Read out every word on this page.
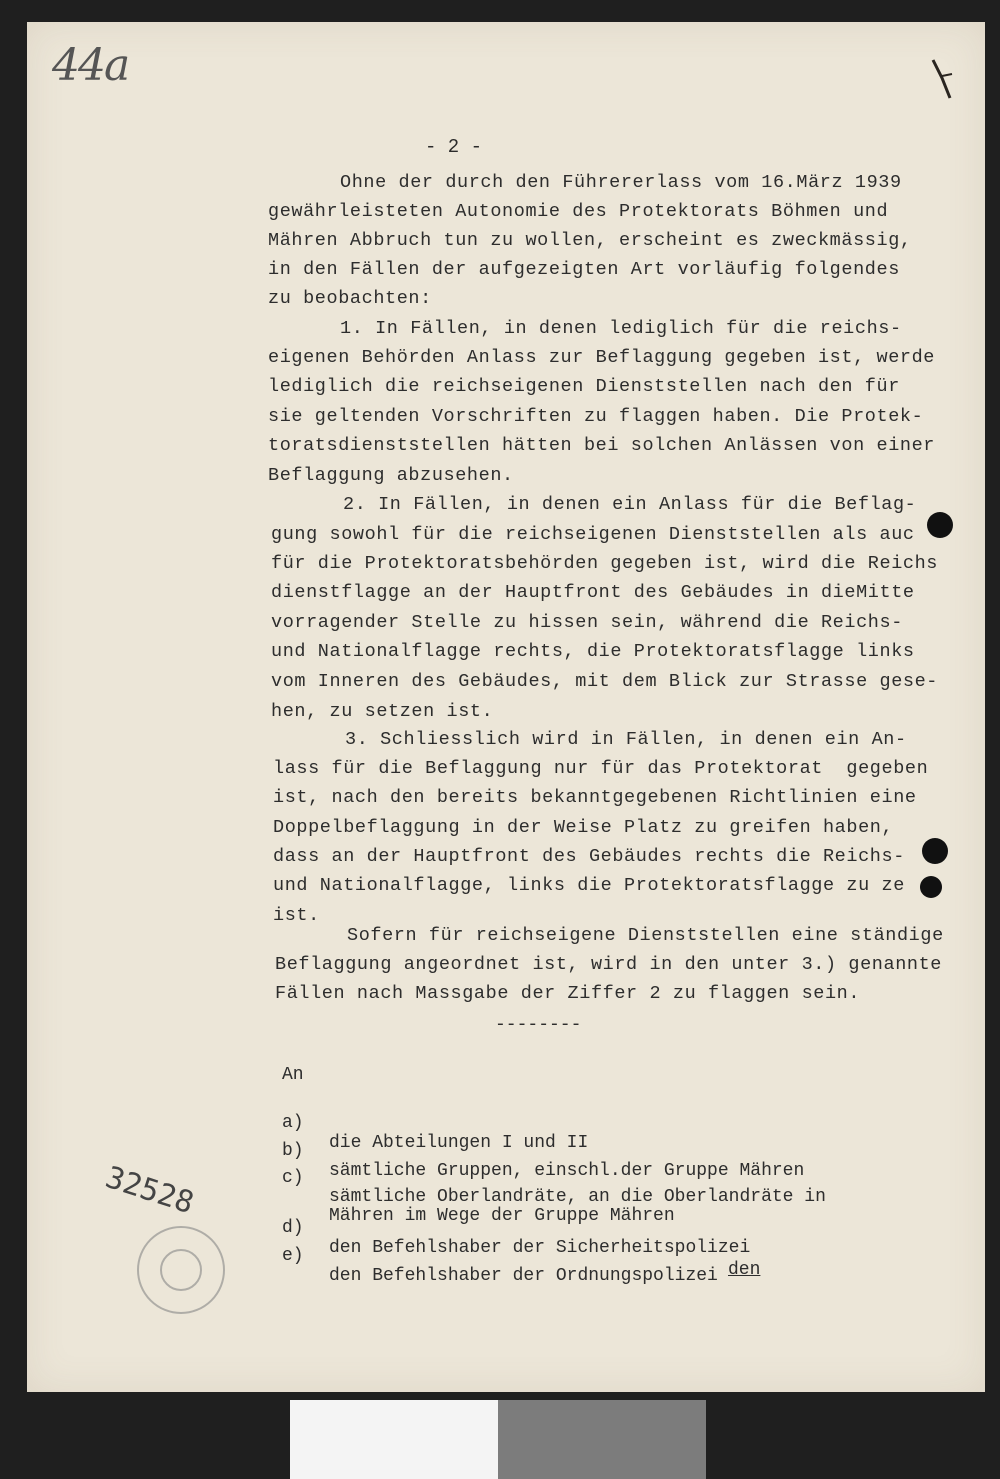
44a
- 2 -
Ohne der durch den Führererlass vom 16.März 1939
gewährleisteten Autonomie des Protektorats Böhmen und
Mähren Abbruch tun zu wollen, erscheint es zweckmässig,
in den Fällen der aufgezeigten Art vorläufig folgendes
zu beobachten:
1. In Fällen, in denen lediglich für die reichs-
eigenen Behörden Anlass zur Beflaggung gegeben ist, werde
lediglich die reichseigenen Dienststellen nach den für
sie geltenden Vorschriften zu flaggen haben. Die Protek-
toratsdienststellen hätten bei solchen Anlässen von einer
Beflaggung abzusehen.
2. In Fällen, in denen ein Anlass für die Beflag-
gung sowohl für die reichseigenen Dienststellen als auc
für die Protektoratsbehörden gegeben ist, wird die Reichs
dienstflagge an der Hauptfront des Gebäudes in dieMitte
vorragender Stelle zu hissen sein, während die Reichs-
und Nationalflagge rechts, die Protektoratsflagge links
vom Inneren des Gebäudes, mit dem Blick zur Strasse gese-
hen, zu setzen ist.
3. Schliesslich wird in Fällen, in denen ein An-
lass für die Beflaggung nur für das Protektorat  gegeben
ist, nach den bereits bekanntgegebenen Richtlinien eine
Doppelbeflaggung in der Weise Platz zu greifen haben,
dass an der Hauptfront des Gebäudes rechts die Reichs-
und Nationalflagge, links die Protektoratsflagge zu ze
ist.
Sofern für reichseigene Dienststellen eine ständige
Beflaggung angeordnet ist, wird in den unter 3.) genannte
Fällen nach Massgabe der Ziffer 2 zu flaggen sein.
--------
An

a)

die Abteilungen I und II

b)

sämtliche Gruppen, einschl.der Gruppe Mähren

c)

sämtliche Oberlandräte, an die Oberlandräte in
Mähren im Wege der Gruppe Mähren

d)

den Befehlshaber der Sicherheitspolizei

e)

den Befehlshaber der Ordnungspolizei

den
32528
